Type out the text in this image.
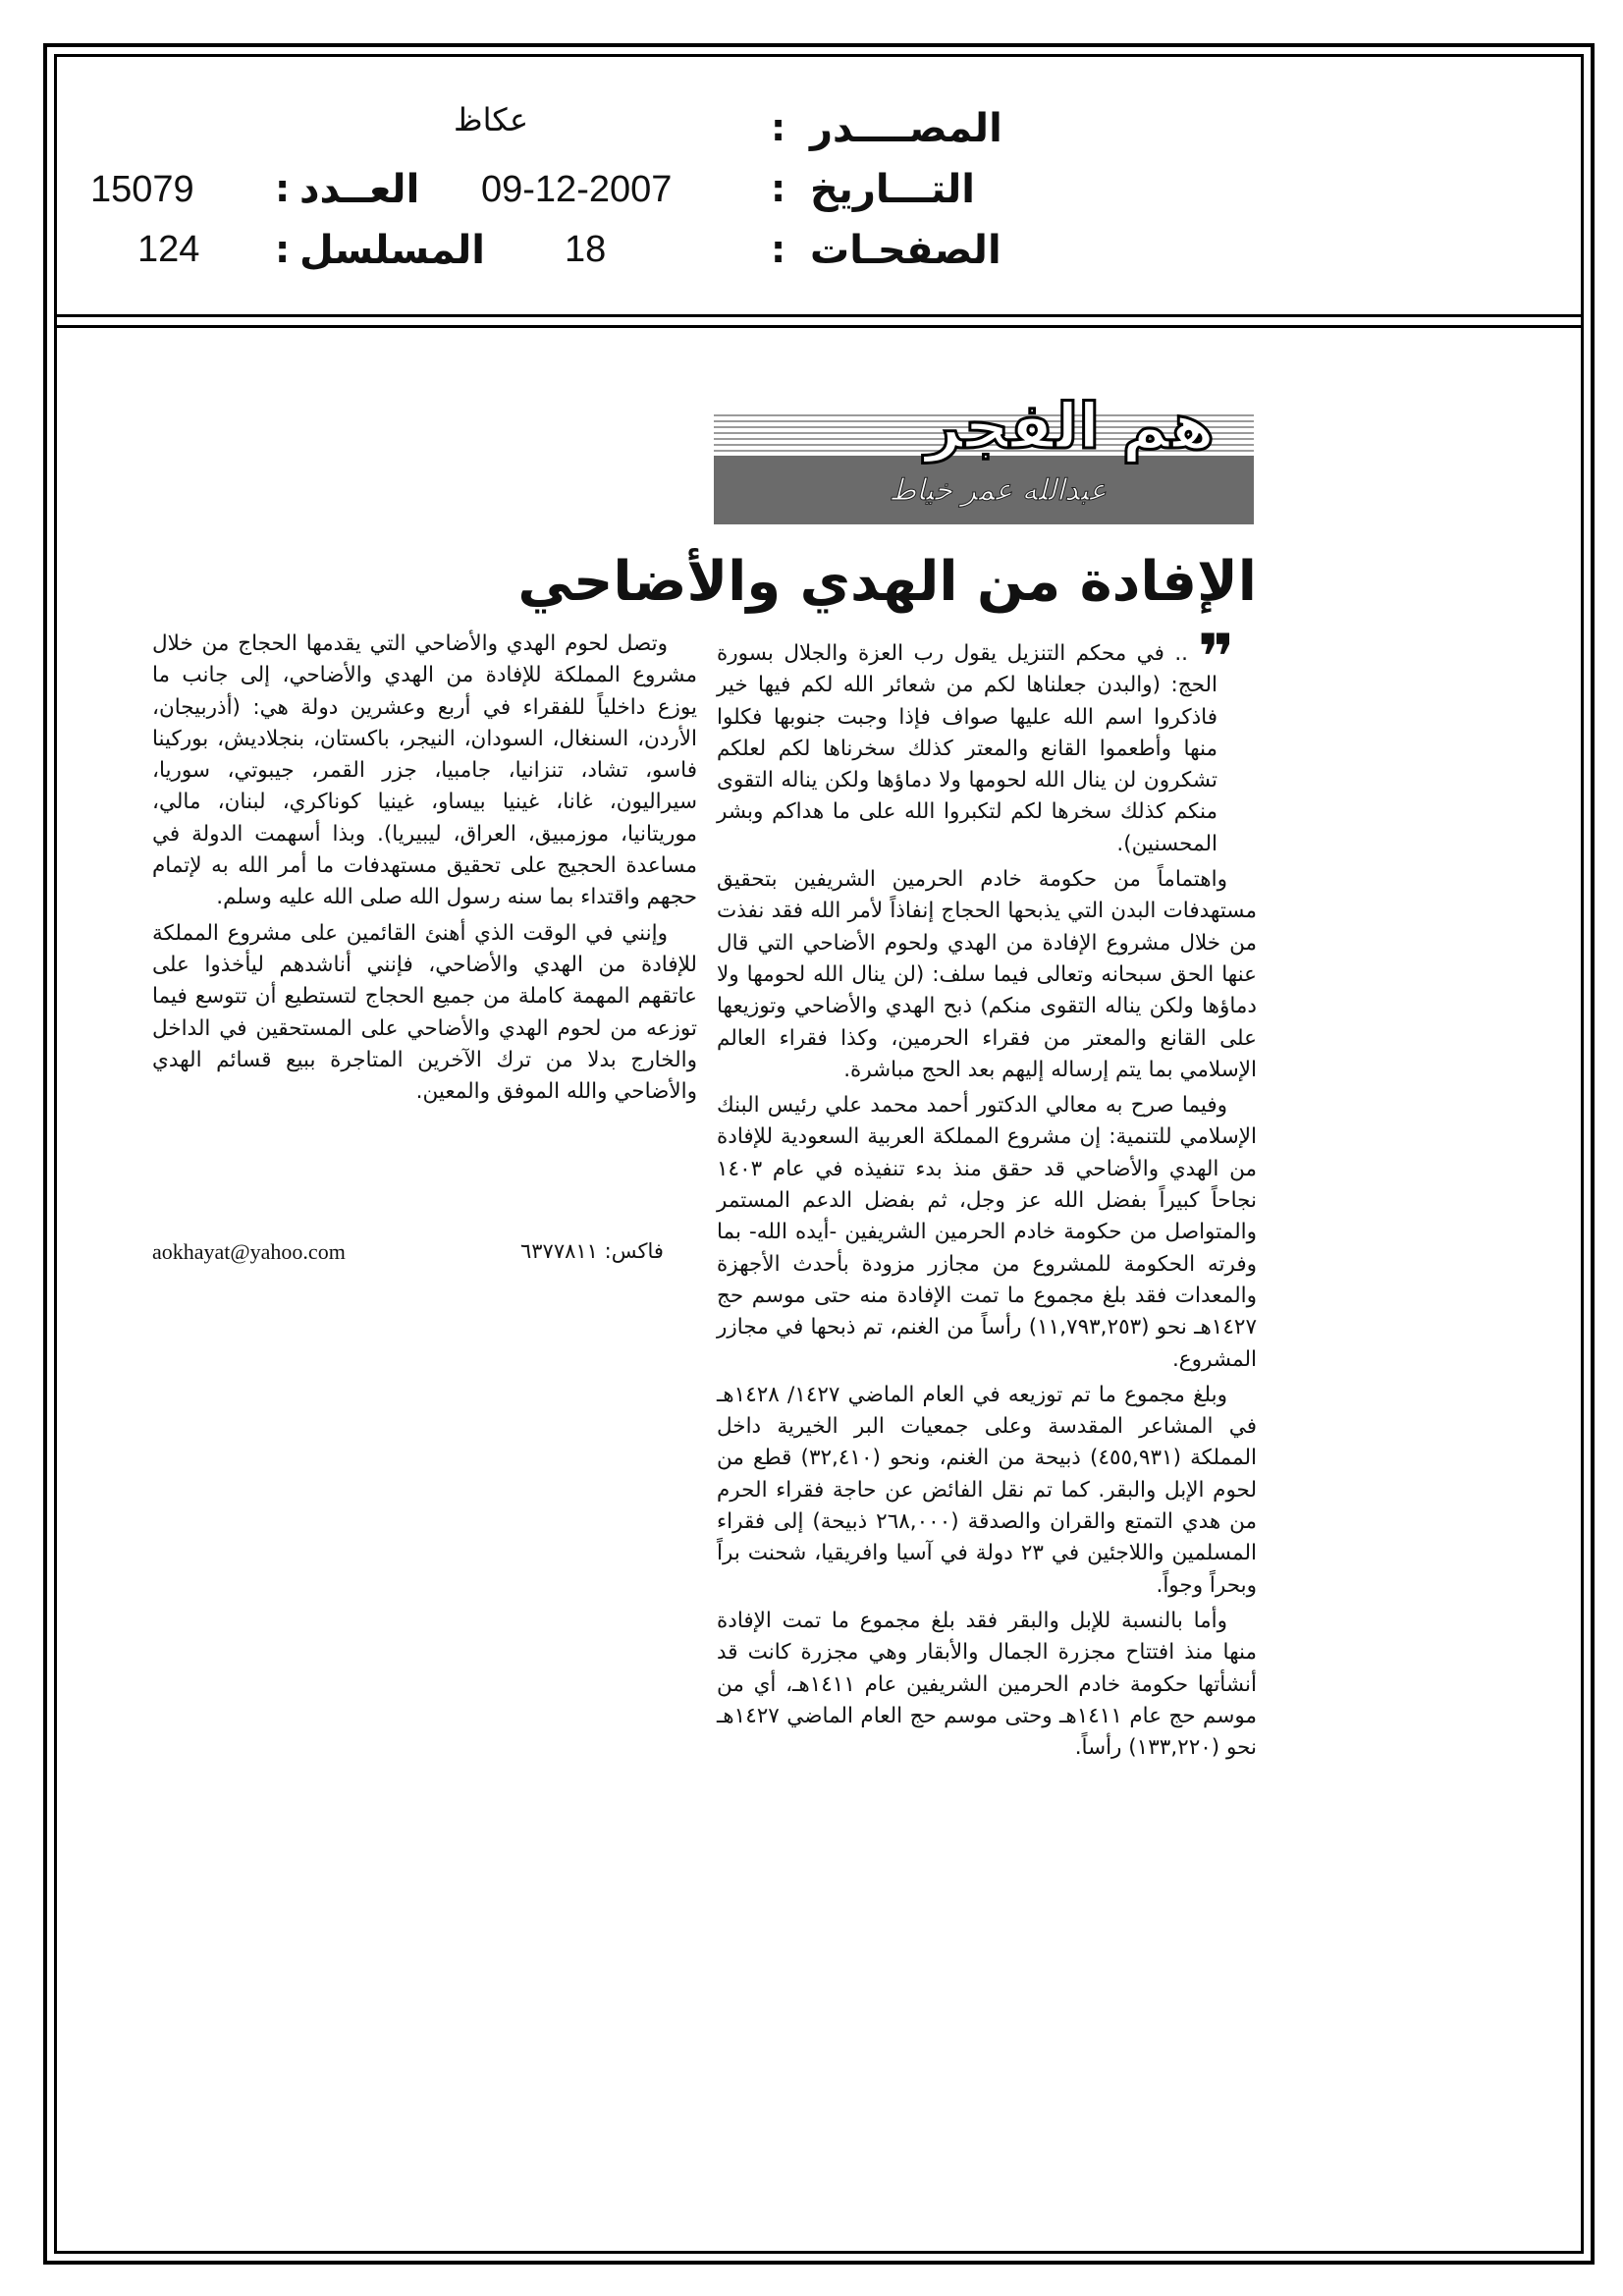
المصــــدر
:
عكاظ
التـــاريخ
:
09-12-2007
الصفحـات
:
18
العــدد
:
15079
المسلسل
:
124
هم الفجر
عبدالله عمر خياط
الإفادة من الهدي والأضاحي
❞

.. في محكم التنزيل يقول رب العزة والجلال بسورة الحج: (والبدن جعلناها لكم من شعائر الله لكم فيها خير فاذكروا اسم الله عليها صواف فإذا وجبت جنوبها فكلوا منها وأطعموا القانع والمعتر كذلك سخرناها لكم لعلكم تشكرون لن ينال الله لحومها ولا دماؤها ولكن يناله التقوى منكم كذلك سخرها لكم لتكبروا الله على ما هداكم وبشر المحسنين).

واهتماماً من حكومة خادم الحرمين الشريفين بتحقيق مستهدفات البدن التي يذبحها الحجاج إنفاذاً لأمر الله فقد نفذت من خلال مشروع الإفادة من الهدي ولحوم الأضاحي التي قال عنها الحق سبحانه وتعالى فيما سلف: (لن ينال الله لحومها ولا دماؤها ولكن يناله التقوى منكم) ذبح الهدي والأضاحي وتوزيعها على القانع والمعتر من فقراء الحرمين، وكذا فقراء العالم الإسلامي بما يتم إرساله إليهم بعد الحج مباشرة.

وفيما صرح به معالي الدكتور أحمد محمد علي رئيس البنك الإسلامي للتنمية: إن مشروع المملكة العربية السعودية للإفادة من الهدي والأضاحي قد حقق منذ بدء تنفيذه في عام ١٤٠٣ نجاحاً كبيراً بفضل الله عز وجل، ثم بفضل الدعم المستمر والمتواصل من حكومة خادم الحرمين الشريفين -أيده الله- بما وفرته الحكومة للمشروع من مجازر مزودة بأحدث الأجهزة والمعدات فقد بلغ مجموع ما تمت الإفادة منه حتى موسم حج ١٤٢٧هـ نحو (١١,٧٩٣,٢٥٣) رأساً من الغنم، تم ذبحها في مجازر المشروع.

وبلغ مجموع ما تم توزيعه في العام الماضي ١٤٢٧/ ١٤٢٨هـ في المشاعر المقدسة وعلى جمعيات البر الخيرية داخل المملكة (٤٥٥,٩٣١) ذبيحة من الغنم، ونحو (٣٢,٤١٠) قطع من لحوم الإبل والبقر. كما تم نقل الفائض عن حاجة فقراء الحرم من هدي التمتع والقران والصدقة (٢٦٨,٠٠٠ ذبيحة) إلى فقراء المسلمين واللاجئين في ٢٣ دولة في آسيا وافريقيا، شحنت براً وبحراً وجواً.

وأما بالنسبة للإبل والبقر فقد بلغ مجموع ما تمت الإفادة منها منذ افتتاح مجزرة الجمال والأبقار وهي مجزرة كانت قد أنشأتها حكومة خادم الحرمين الشريفين عام ١٤١١هـ، أي من موسم حج عام ١٤١١هـ وحتى موسم حج العام الماضي ١٤٢٧هـ نحو (١٣٣,٢٢٠) رأساً.

وتصل لحوم الهدي والأضاحي التي يقدمها الحجاج من خلال مشروع المملكة للإفادة من الهدي والأضاحي، إلى جانب ما يوزع داخلياً للفقراء في أربع وعشرين دولة هي: (أذربيجان، الأردن، السنغال، السودان، النيجر، باكستان، بنجلاديش، بوركينا فاسو، تشاد، تنزانيا، جامبيا، جزر القمر، جيبوتي، سوريا، سيراليون، غانا، غينيا بيساو، غينيا كوناكري، لبنان، مالي، موريتانيا، موزمبيق، العراق، ليبيريا). وبذا أسهمت الدولة في مساعدة الحجيج على تحقيق مستهدفات ما أمر الله به لإتمام حجهم واقتداء بما سنه رسول الله صلى الله عليه وسلم.

وإنني في الوقت الذي أهنئ القائمين على مشروع المملكة للإفادة من الهدي والأضاحي، فإنني أناشدهم ليأخذوا على عاتقهم المهمة كاملة من جميع الحجاج لتستطيع أن تتوسع فيما توزعه من لحوم الهدي والأضاحي على المستحقين في الداخل والخارج بدلا من ترك الآخرين المتاجرة ببيع قسائم الهدي والأضاحي والله الموفق والمعين.

فاكس: ٦٣٧٧٨١١
aokhayat@yahoo.com
